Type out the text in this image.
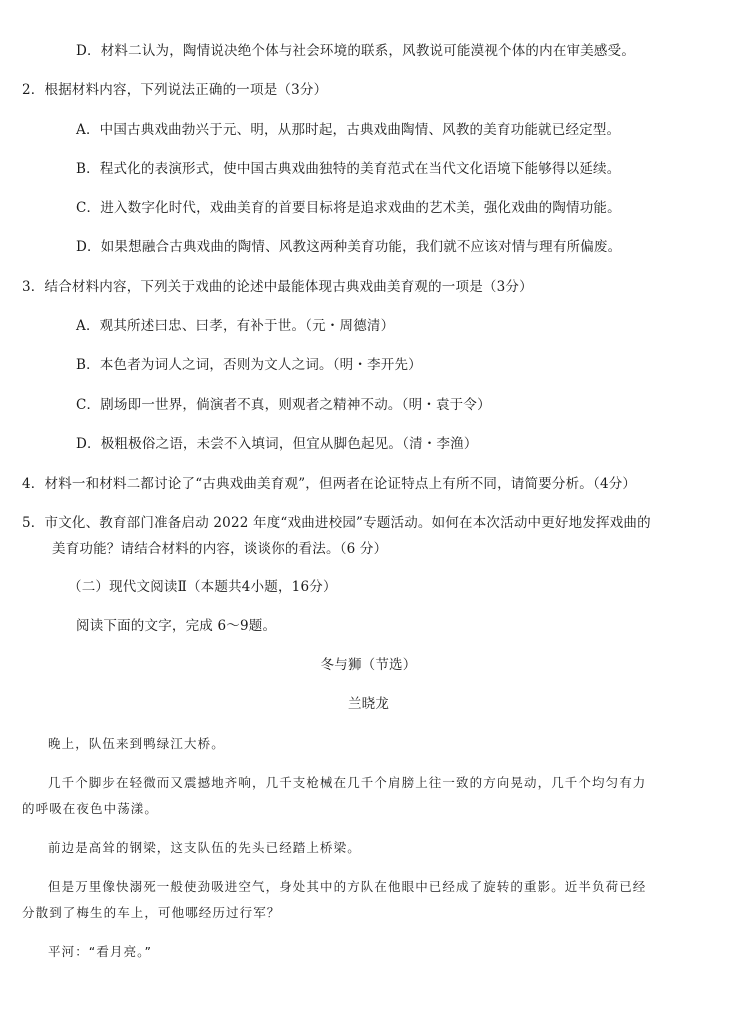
D．材料二认为，陶情说决绝个体与社会环境的联系，风教说可能漠视个体的内在审美感受。
2．根据材料内容，下列说法正确的一项是（3分）
A．中国古典戏曲勃兴于元、明，从那时起，古典戏曲陶情、风教的美育功能就已经定型。
B．程式化的表演形式，使中国古典戏曲独特的美育范式在当代文化语境下能够得以延续。
C．进入数字化时代，戏曲美育的首要目标将是追求戏曲的艺术美，强化戏曲的陶情功能。
D．如果想融合古典戏曲的陶情、风教这两种美育功能，我们就不应该对情与理有所偏废。
3．结合材料内容，下列关于戏曲的论述中最能体现古典戏曲美育观的一项是（3分）
A．观其所述曰忠、曰孝，有补于世。（元・周德清）
B．本色者为词人之词，否则为文人之词。（明・李开先）
C．剧场即一世界，倘演者不真，则观者之精神不动。（明・袁于令）
D．极粗极俗之语，未尝不入填词，但宜从脚色起见。（清・李渔）
4．材料一和材料二都讨论了“古典戏曲美育观”，但两者在论证特点上有所不同，请简要分析。（4分）
5．市文化、教育部门准备启动 2022 年度“戏曲进校园”专题活动。如何在本次活动中更好地发挥戏曲的
美育功能？请结合材料的内容，谈谈你的看法。（6 分）
（二）现代文阅读Ⅱ（本题共4小题，16分）
阅读下面的文字，完成 6～9题。
冬与狮（节选）
兰晓龙
晚上，队伍来到鸭绿江大桥。
几千个脚步在轻微而又震撼地齐响，几千支枪械在几千个肩膀上往一致的方向晃动，几千个均匀有力
的呼吸在夜色中荡漾。
前边是高耸的钢梁，这支队伍的先头已经踏上桥梁。
但是万里像快溺死一般使劲吸进空气，身处其中的方队在他眼中已经成了旋转的重影。近半负荷已经
分散到了梅生的车上，可他哪经历过行军？
平河：“看月亮。”
